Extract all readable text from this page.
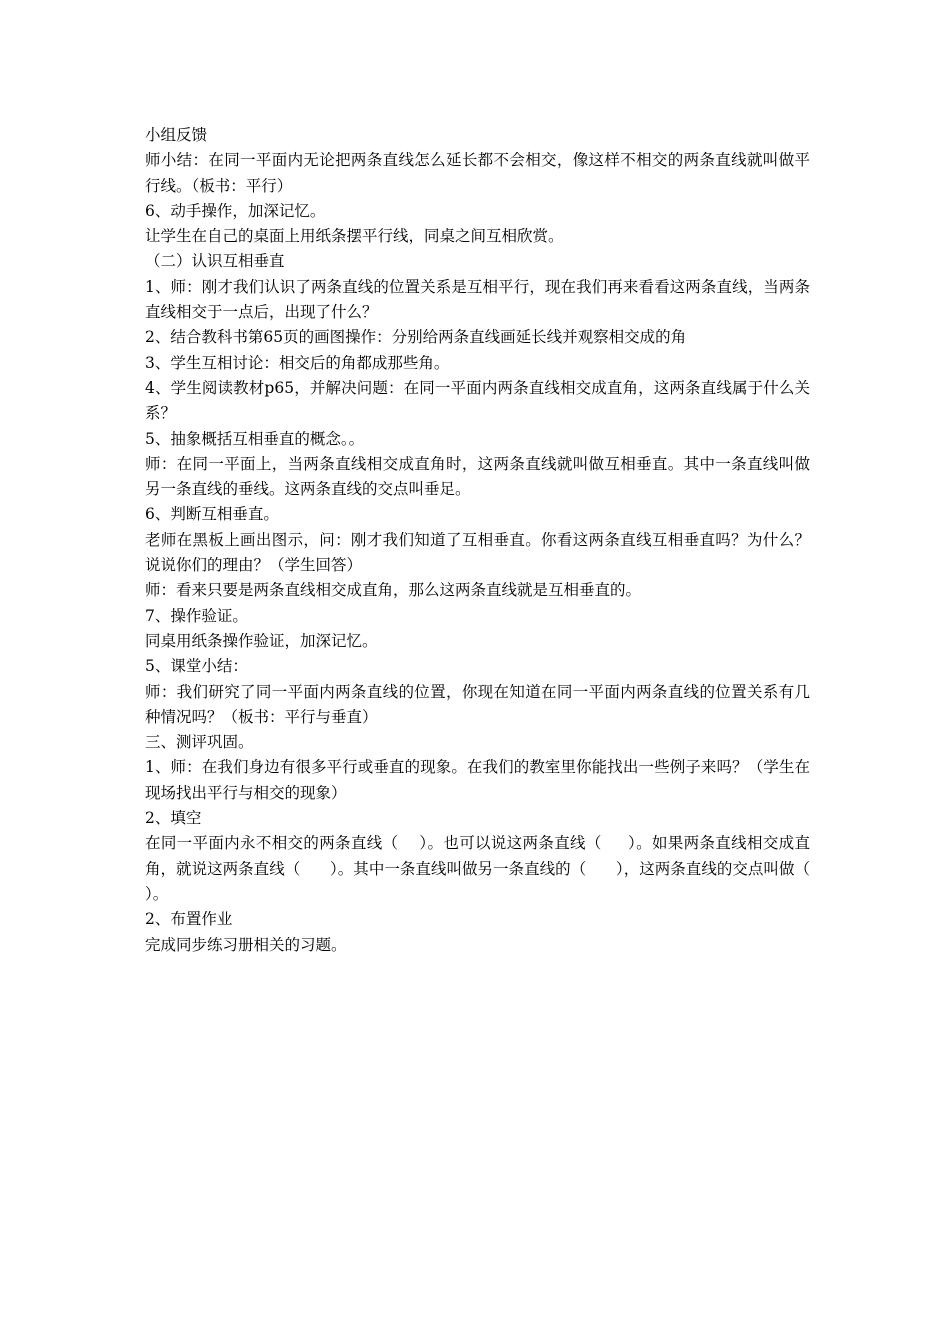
小组反馈

师小结：在同一平面内无论把两条直线怎么延长都不会相交，像这样不相交的两条直线就叫做平行线。（板书：平行）

6、动手操作，加深记忆。

让学生在自己的桌面上用纸条摆平行线，同桌之间互相欣赏。

（二）认识互相垂直

1、师：刚才我们认识了两条直线的位置关系是互相平行，现在我们再来看看这两条直线，当两条直线相交于一点后，出现了什么？

2、结合教科书第65页的画图操作：分别给两条直线画延长线并观察相交成的角

3、学生互相讨论：相交后的角都成那些角。

4、学生阅读教材p65，并解决问题：在同一平面内两条直线相交成直角，这两条直线属于什么关系？

5、抽象概括互相垂直的概念。。

师：在同一平面上，当两条直线相交成直角时，这两条直线就叫做互相垂直。其中一条直线叫做另一条直线的垂线。这两条直线的交点叫垂足。

6、判断互相垂直。

老师在黑板上画出图示，问：刚才我们知道了互相垂直。你看这两条直线互相垂直吗？为什么？说说你们的理由？（学生回答）

师：看来只要是两条直线相交成直角，那么这两条直线就是互相垂直的。

7、操作验证。

同桌用纸条操作验证，加深记忆。

5、课堂小结：

师：我们研究了同一平面内两条直线的位置，你现在知道在同一平面内两条直线的位置关系有几种情况吗？（板书：平行与垂直）

三、测评巩固。

1、师：在我们身边有很多平行或垂直的现象。在我们的教室里你能找出一些例子来吗？（学生在现场找出平行与相交的现象）

2、填空

在同一平面内永不相交的两条直线（    ）。也可以说这两条直线（     ）。如果两条直线相交成直角，就说这两条直线（      ）。其中一条直线叫做另一条直线的（      ），这两条直线的交点叫做（          ）。

2、布置作业

完成同步练习册相关的习题。
